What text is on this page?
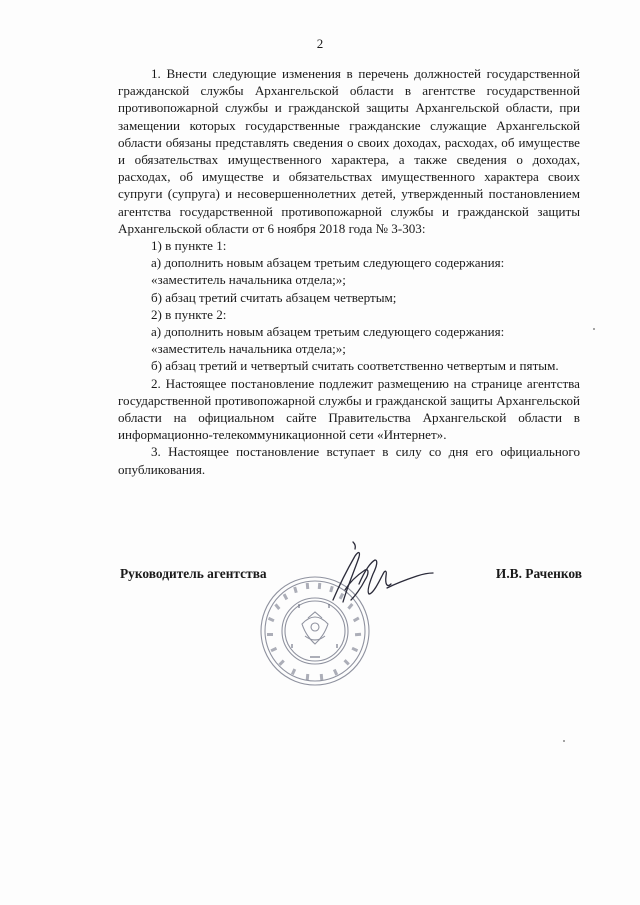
2

1. Внести следующие изменения в перечень должностей государственной гражданской службы Архангельской области в агентстве государственной противопожарной службы и гражданской защиты Архангельской области, при замещении которых государственные гражданские служащие Архангельской области обязаны представлять сведения о своих доходах, расходах, об имуществе и обязательствах имущественного характера, а также сведения о доходах, расходах, об имуществе и обязательствах имущественного характера своих супруги (супруга) и несовершеннолетних детей, утвержденный постановлением агентства государственной противопожарной службы и гражданской защиты Архангельской области от 6 ноября 2018 года № 3-303:

1) в пункте 1:

а) дополнить новым абзацем третьим следующего содержания:

«заместитель начальника отдела;»;

б) абзац третий считать абзацем четвертым;

2) в пункте 2:

а) дополнить новым абзацем третьим следующего содержания:

«заместитель начальника отдела;»;

б) абзац третий и четвертый считать соответственно четвертым и пятым.

2. Настоящее постановление подлежит размещению на странице агентства государственной противопожарной службы и гражданской защиты Архангельской области на официальном сайте Правительства Архангельской области в информационно-телекоммуникационной сети «Интернет».

3. Настоящее постановление вступает в силу со дня его официального опубликования.

Руководитель агентства	И.В. Раченков
